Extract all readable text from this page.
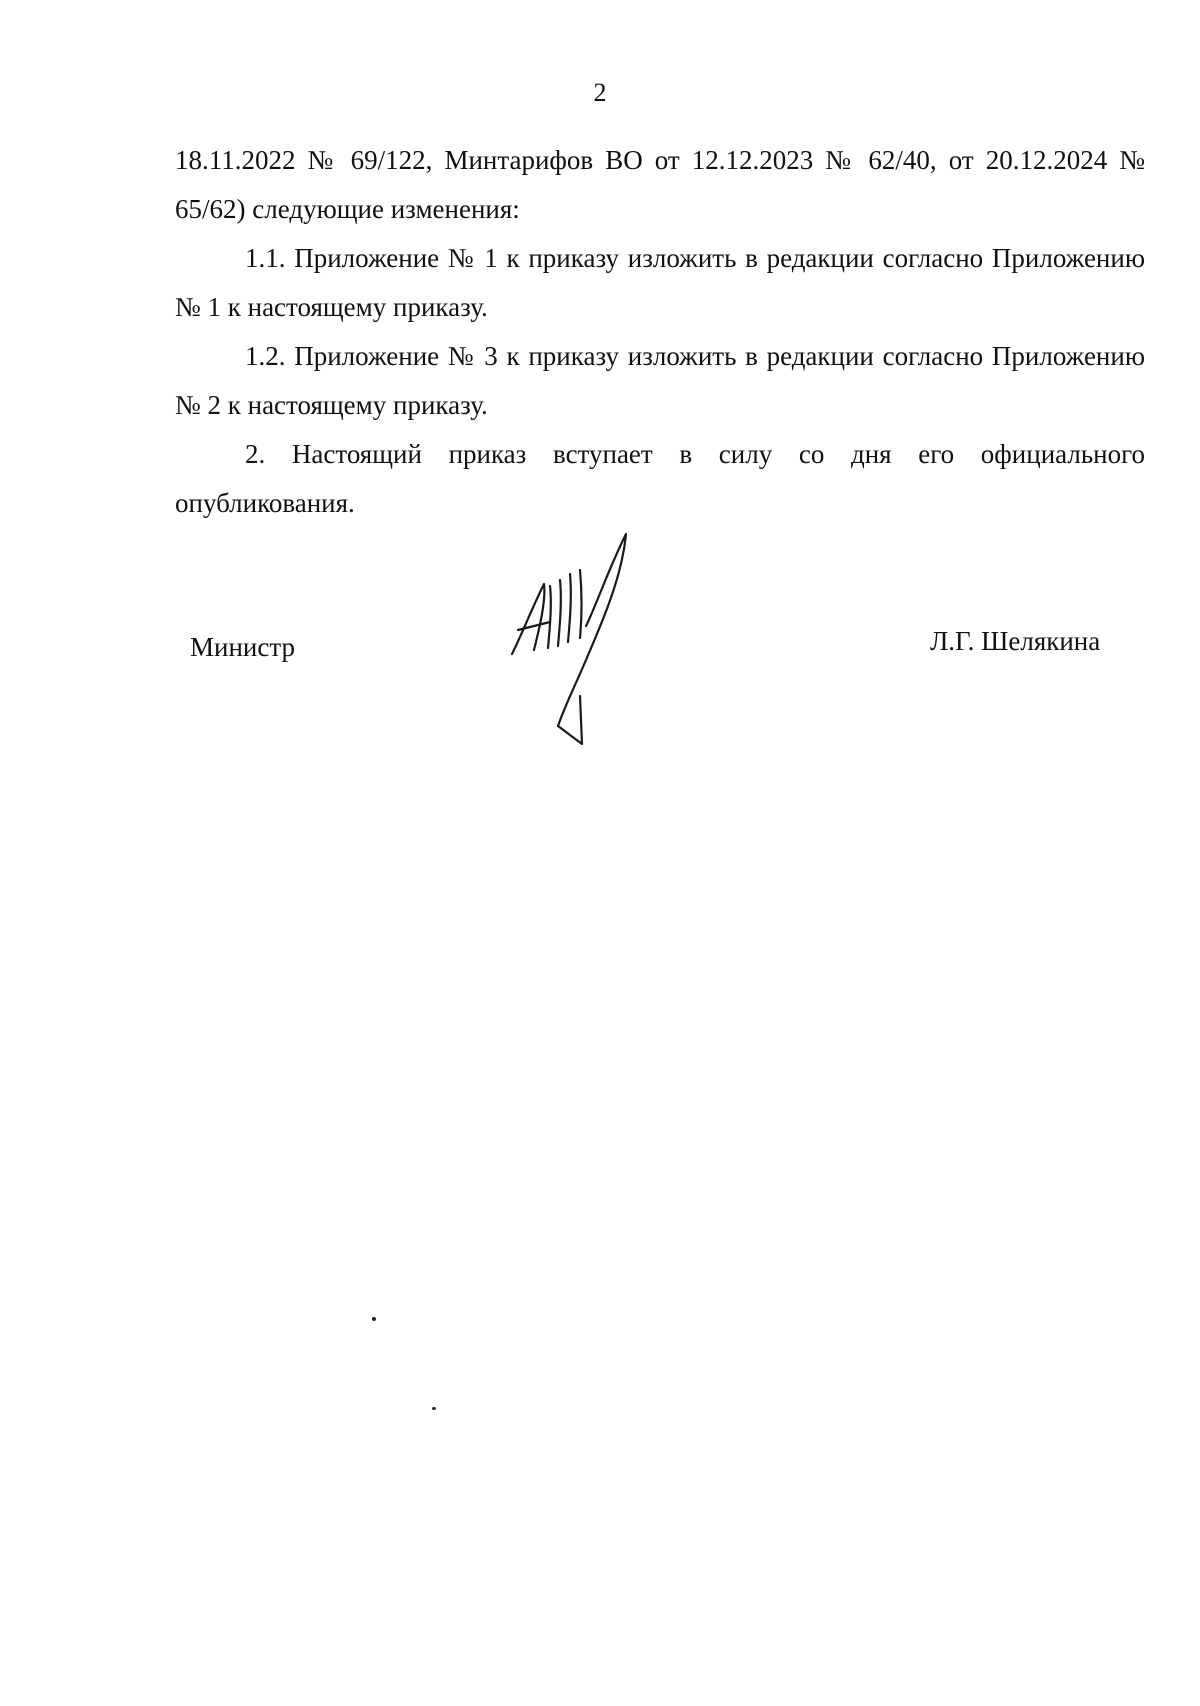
2

18.11.2022 № 69/122, Минтарифов ВО от 12.12.2023 № 62/40, от 20.12.2024 № 65/62) следующие изменения:

1.1. Приложение № 1 к приказу изложить в редакции согласно Приложению № 1 к настоящему приказу.

1.2. Приложение № 3 к приказу изложить в редакции согласно Приложению № 2 к настоящему приказу.

2. Настоящий приказ вступает в силу со дня его официального опубликования.

Министр	Л.Г. Шелякина
